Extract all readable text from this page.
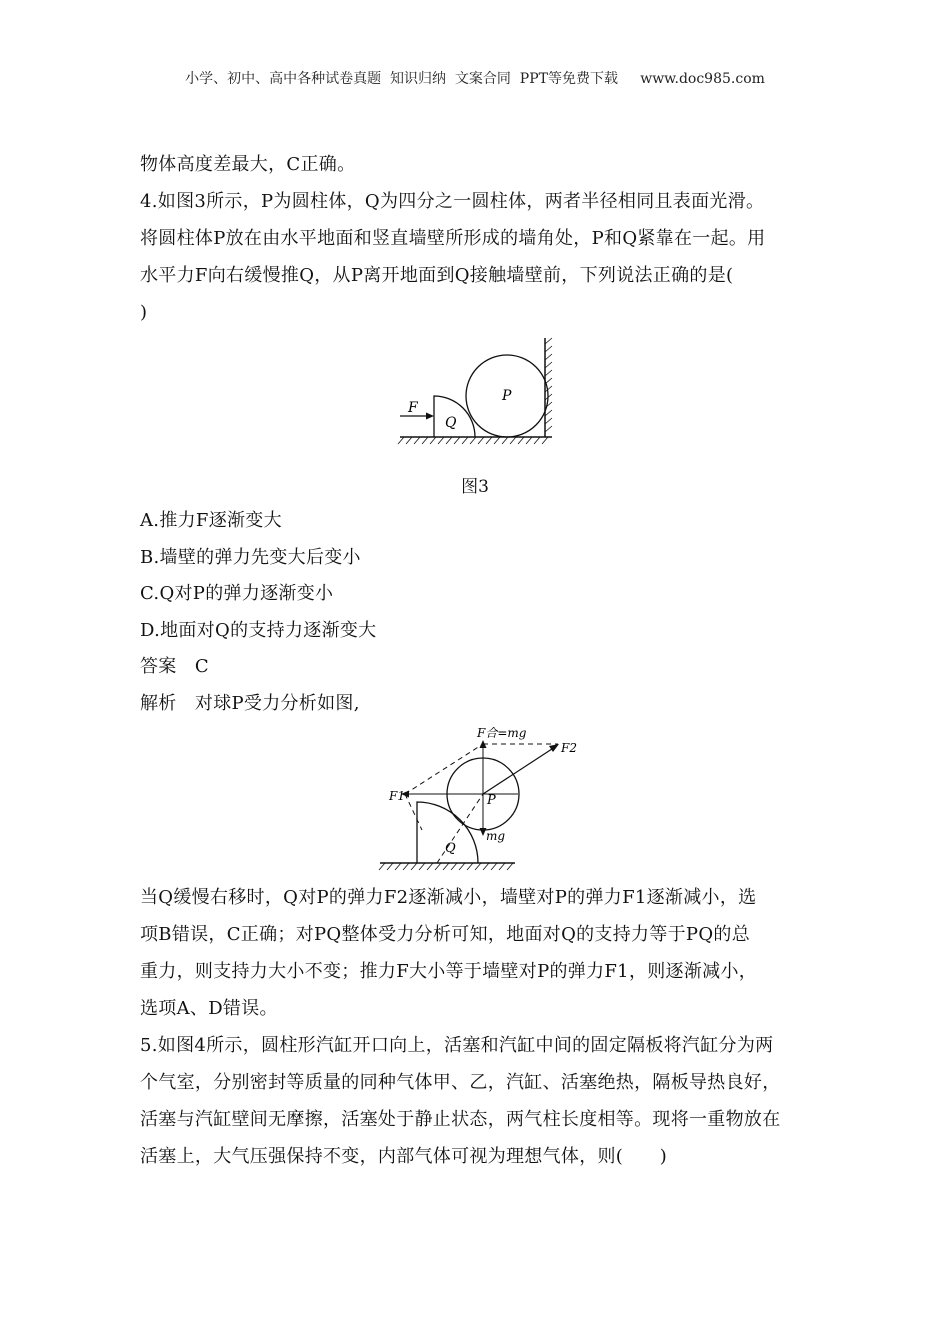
小学、初中、高中各种试卷真题  知识归纳  文案合同  PPT等免费下载     www.doc985.com
物体高度差最大，C正确。
4.如图3所示，P为圆柱体，Q为四分之一圆柱体，两者半径相同且表面光滑。
将圆柱体P放在由水平地面和竖直墙壁所形成的墙角处，P和Q紧靠在一起。用
水平力F向右缓慢推Q，从P离开地面到Q接触墙壁前，下列说法正确的是(
)
F
Q
P
图3
A.推力F逐渐变大
B.墙壁的弹力先变大后变小
C.Q对P的弹力逐渐变小
D.地面对Q的支持力逐渐变大
答案　C
解析　对球P受力分析如图,
F合=mg
F2
F1	P
mg
Q
当Q缓慢右移时，Q对P的弹力F2逐渐减小，墙壁对P的弹力F1逐渐减小，选
项B错误，C正确；对PQ整体受力分析可知，地面对Q的支持力等于PQ的总
重力，则支持力大小不变；推力F大小等于墙壁对P的弹力F1，则逐渐减小，
选项A、D错误。
5.如图4所示，圆柱形汽缸开口向上，活塞和汽缸中间的固定隔板将汽缸分为两
个气室，分别密封等质量的同种气体甲、乙，汽缸、活塞绝热，隔板导热良好，
活塞与汽缸壁间无摩擦，活塞处于静止状态，两气柱长度相等。现将一重物放在
活塞上，大气压强保持不变，内部气体可视为理想气体，则(　　)
